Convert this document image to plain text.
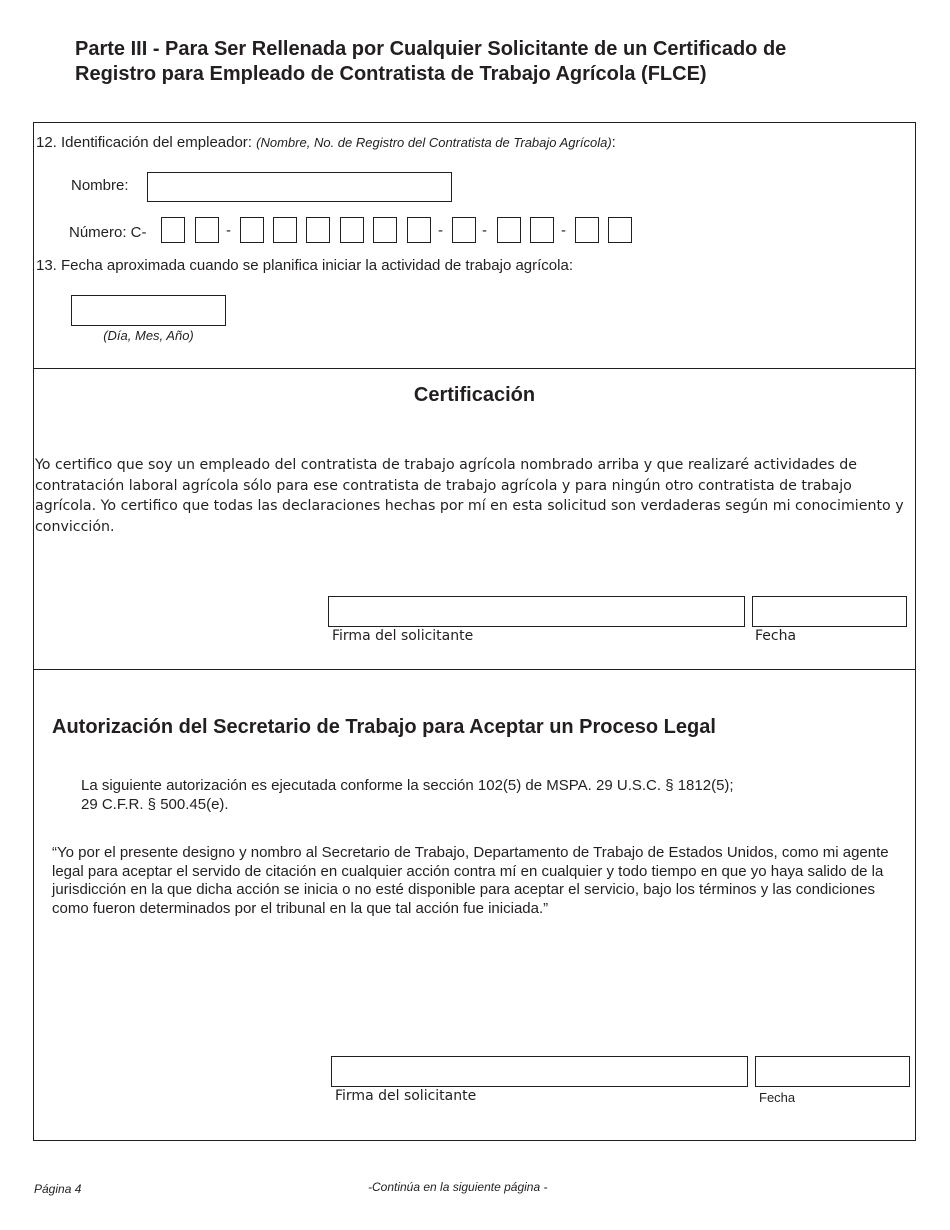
Parte III - Para Ser Rellenada por Cualquier Solicitante de un Certificado de
Registro para Empleado de Contratista de Trabajo Agrícola (FLCE)
12. Identificación del empleador: (Nombre, No. de Registro del Contratista de Trabajo Agrícola):
Nombre:
Número: C-	-	-	-	-
13. Fecha aproximada cuando se planifica iniciar la actividad de trabajo agrícola:
(Día, Mes, Año)
Certificación
Yo certifico que soy un empleado del contratista de trabajo agrícola nombrado arriba y que realizaré actividades de contratación laboral agrícola sólo para ese contratista de trabajo agrícola y para ningún otro contratista de trabajo agrícola. Yo certifico que todas las declaraciones hechas por mí en esta solicitud son verdaderas según mi conocimiento y convicción.
Firma del solicitante	Fecha
Autorización del Secretario de Trabajo para Aceptar un Proceso Legal
La siguiente autorización es ejecutada conforme la sección 102(5) de MSPA. 29 U.S.C. § 1812(5);
29 C.F.R. § 500.45(e).
“Yo por el presente designo y nombro al Secretario de Trabajo, Departamento de Trabajo de Estados Unidos, como mi agente legal para aceptar el servido de citación en cualquier acción contra mí en cualquier y todo tiempo en que yo haya salido de la jurisdicción en la que dicha acción se inicia o no esté disponible para aceptar el servicio, bajo los términos y las condiciones como fueron determinados por el tribunal en la que tal acción fue iniciada.”
Firma del solicitante	Fecha
Página 4	-Continúa en la siguiente página -
